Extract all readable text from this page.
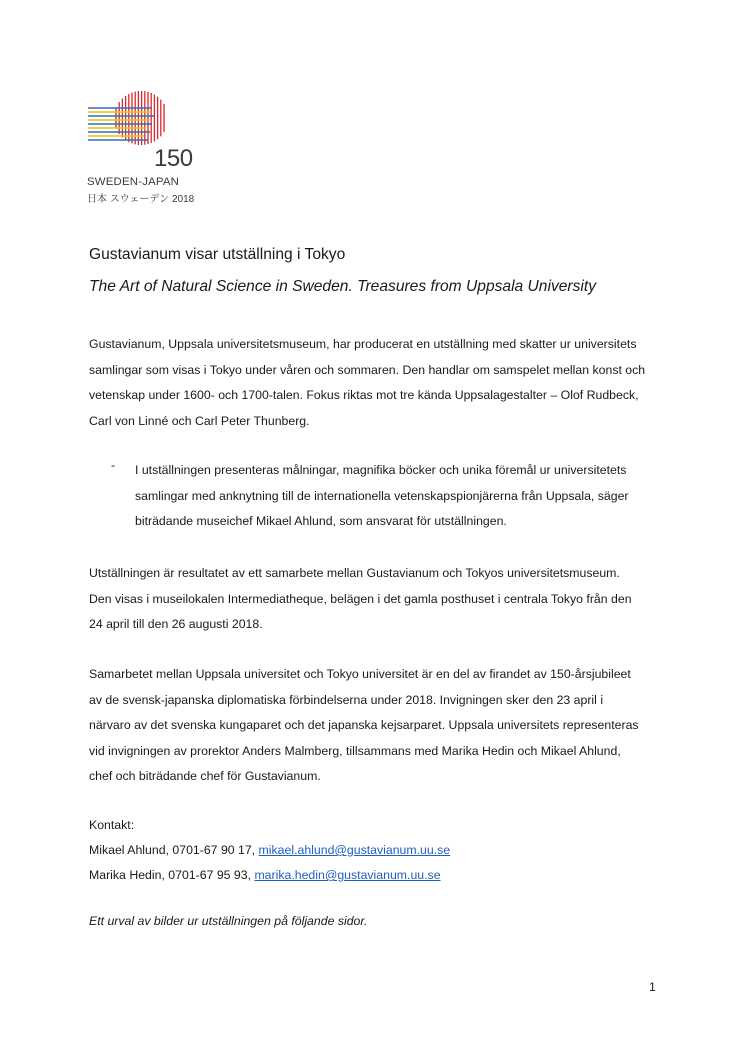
150
SWEDEN-JAPAN
日本 スウェーデン 2018
Gustavianum visar utställning i Tokyo
The Art of Natural Science in Sweden. Treasures from Uppsala University
Gustavianum, Uppsala universitetsmuseum, har producerat en utställning med skatter ur universitets
samlingar som visas i Tokyo under våren och sommaren. Den handlar om samspelet mellan konst och
vetenskap under 1600- och 1700-talen. Fokus riktas mot tre kända Uppsalagestalter – Olof Rudbeck,
Carl von Linné och Carl Peter Thunberg.
- I utställningen presenteras målningar, magnifika böcker och unika föremål ur universitetets
samlingar med anknytning till de internationella vetenskapspionjärerna från Uppsala, säger
biträdande museichef Mikael Ahlund, som ansvarat för utställningen.
Utställningen är resultatet av ett samarbete mellan Gustavianum och Tokyos universitetsmuseum.
Den visas i museilokalen Intermediatheque, belägen i det gamla posthuset i centrala Tokyo från den
24 april till den 26 augusti 2018.
Samarbetet mellan Uppsala universitet och Tokyo universitet är en del av firandet av 150-årsjubileet
av de svensk-japanska diplomatiska förbindelserna under 2018. Invigningen sker den 23 april i
närvaro av det svenska kungaparet och det japanska kejsarparet. Uppsala universitets representeras
vid invigningen av prorektor Anders Malmberg, tillsammans med Marika Hedin och Mikael Ahlund,
chef och biträdande chef för Gustavianum.
Kontakt:
Mikael Ahlund, 0701-67 90 17, mikael.ahlund@gustavianum.uu.se
Marika Hedin, 0701-67 95 93, marika.hedin@gustavianum.uu.se
Ett urval av bilder ur utställningen på följande sidor.
1
